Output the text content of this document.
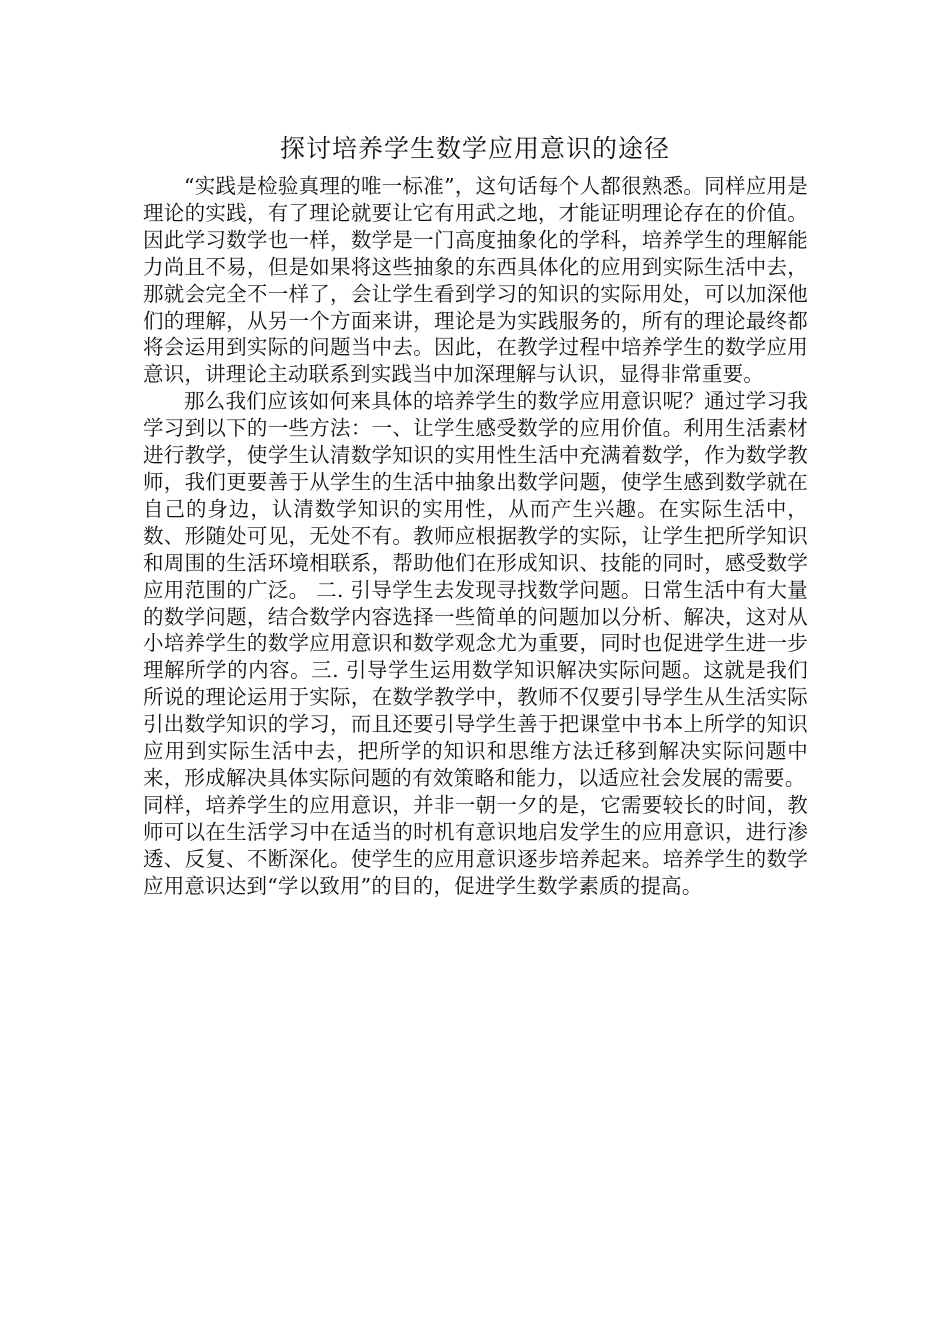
探讨培养学生数学应用意识的途径

“实践是检验真理的唯一标准”，这句话每个人都很熟悉。同样应用是理论的实践，有了理论就要让它有用武之地，才能证明理论存在的价值。因此学习数学也一样，数学是一门高度抽象化的学科，培养学生的理解能力尚且不易，但是如果将这些抽象的东西具体化的应用到实际生活中去，那就会完全不一样了，会让学生看到学习的知识的实际用处，可以加深他们的理解，从另一个方面来讲，理论是为实践服务的，所有的理论最终都将会运用到实际的问题当中去。因此，在教学过程中培养学生的数学应用意识，讲理论主动联系到实践当中加深理解与认识，显得非常重要。

那么我们应该如何来具体的培养学生的数学应用意识呢？通过学习我学习到以下的一些方法：一、让学生感受数学的应用价值。利用生活素材进行教学，使学生认清数学知识的实用性生活中充满着数学，作为数学教师，我们更要善于从学生的生活中抽象出数学问题，使学生感到数学就在自己的身边，认清数学知识的实用性，从而产生兴趣。在实际生活中，数、形随处可见，无处不有。教师应根据教学的实际，让学生把所学知识和周围的生活环境相联系，帮助他们在形成知识、技能的同时，感受数学应用范围的广泛。 二. 引导学生去发现寻找数学问题。日常生活中有大量的数学问题，结合数学内容选择一些简单的问题加以分析、解决，这对从小培养学生的数学应用意识和数学观念尤为重要，同时也促进学生进一步理解所学的内容。三. 引导学生运用数学知识解决实际问题。这就是我们所说的理论运用于实际，在数学教学中，教师不仅要引导学生从生活实际引出数学知识的学习，而且还要引导学生善于把课堂中书本上所学的知识应用到实际生活中去，把所学的知识和思维方法迁移到解决实际问题中来，形成解决具体实际问题的有效策略和能力，以适应社会发展的需要。

同样，培养学生的应用意识，并非一朝一夕的是，它需要较长的时间，教师可以在生活学习中在适当的时机有意识地启发学生的应用意识，进行渗透、反复、不断深化。使学生的应用意识逐步培养起来。培养学生的数学应用意识达到“学以致用”的目的，促进学生数学素质的提高。
